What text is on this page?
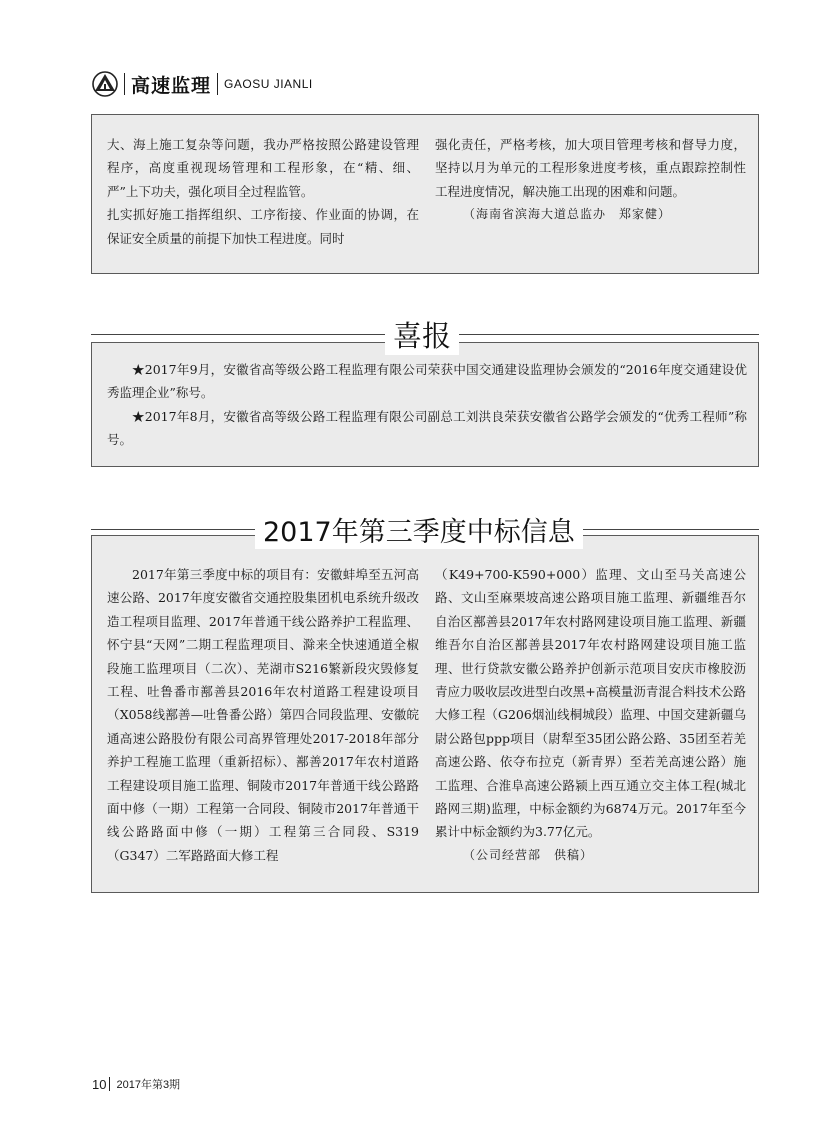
高速监理 GAOSU JIANLI

大、海上施工复杂等问题，我办严格按照公路建设管理程序，高度重视现场管理和工程形象，在“精、细、严”上下功夫，强化项目全过程监管。

扎实抓好施工指挥组织、工序衔接、作业面的协调，在保证安全质量的前提下加快工程进度。同时

强化责任，严格考核，加大项目管理考核和督导力度，坚持以月为单元的工程形象进度考核，重点跟踪控制性工程进度情况，解决施工出现的困难和问题。

（海南省滨海大道总监办　郑家健）

喜报

★2017年9月，安徽省高等级公路工程监理有限公司荣获中国交通建设监理协会颁发的“2016年度交通建设优秀监理企业”称号。

★2017年8月，安徽省高等级公路工程监理有限公司副总工刘洪良荣获安徽省公路学会颁发的“优秀工程师”称号。

2017年第三季度中标信息

2017年第三季度中标的项目有：安徽蚌埠至五河高速公路、2017年度安徽省交通控股集团机电系统升级改造工程项目监理、2017年普通干线公路养护工程监理、怀宁县“天网”二期工程监理项目、滁来全快速通道全椒段施工监理项目（二次）、芜湖市S216繁新段灾毁修复工程、吐鲁番市鄯善县2016年农村道路工程建设项目（X058线鄯善—吐鲁番公路）第四合同段监理、安徽皖通高速公路股份有限公司高界管理处2017-2018年部分养护工程施工监理（重新招标）、鄯善2017年农村道路工程建设项目施工监理、铜陵市2017年普通干线公路路面中修（一期）工程第一合同段、铜陵市2017年普通干线公路路面中修（一期）工程第三合同段、S319（G347）二军路路面大修工程

（K49+700-K590+000）监理、文山至马关高速公路、文山至麻栗坡高速公路项目施工监理、新疆维吾尔自治区鄯善县2017年农村路网建设项目施工监理、新疆维吾尔自治区鄯善县2017年农村路网建设项目施工监理、世行贷款安徽公路养护创新示范项目安庆市橡胶沥青应力吸收层改进型白改黑+高模量沥青混合料技术公路大修工程（G206烟汕线桐城段）监理、中国交建新疆乌尉公路包ppp项目（尉犁至35团公路公路、35团至若羌高速公路、依夺布拉克（新青界）至若羌高速公路）施工监理、合淮阜高速公路颍上西互通立交主体工程(城北路网三期)监理，中标金额约为6874万元。2017年至今累计中标金额约为3.77亿元。

（公司经营部　供稿）

10 2017年第3期
